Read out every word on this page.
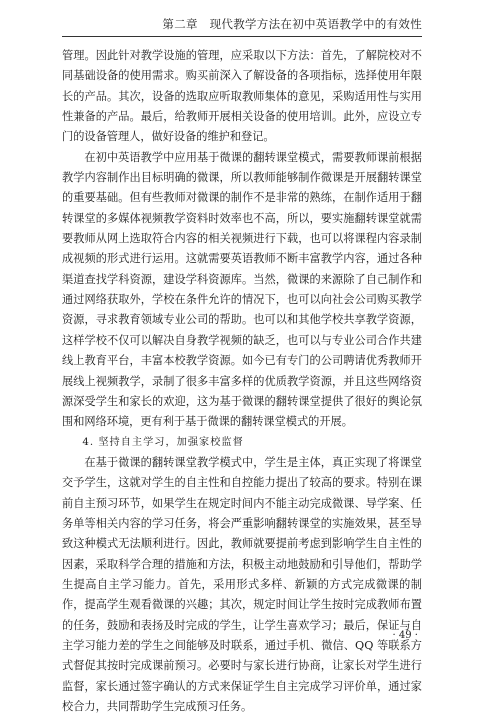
第二章　现代教学方法在初中英语教学中的有效性

管理。因此针对教学设施的管理，应采取以下方法：首先，了解院校对不同基础设备的使用需求。购买前深入了解设备的各项指标，选择使用年限长的产品。其次，设备的选取应听取教师集体的意见，采购适用性与实用性兼备的产品。最后，给教师开展相关设备的使用培训。此外，应设立专门的设备管理人，做好设备的维护和登记。

在初中英语教学中应用基于微课的翻转课堂模式，需要教师课前根据教学内容制作出目标明确的微课，所以教师能够制作微课是开展翻转课堂的重要基础。但有些教师对微课的制作不是非常的熟练，在制作适用于翻转课堂的多媒体视频教学资料时效率也不高，所以，要实施翻转课堂就需要教师从网上选取符合内容的相关视频进行下载，也可以将课程内容录制成视频的形式进行运用。这就需要英语教师不断丰富教学内容，通过各种渠道查找学科资源，建设学科资源库。当然，微课的来源除了自己制作和通过网络获取外，学校在条件允许的情况下，也可以向社会公司购买教学资源，寻求教育领域专业公司的帮助。也可以和其他学校共享教学资源，这样学校不仅可以解决自身教学视频的缺乏，也可以与专业公司合作共建线上教育平台，丰富本校教学资源。如今已有专门的公司聘请优秀教师开展线上视频教学，录制了很多丰富多样的优质教学资源，并且这些网络资源深受学生和家长的欢迎，这为基于微课的翻转课堂提供了很好的舆论氛围和网络环境，更有利于基于微课的翻转课堂模式的开展。

4. 坚持自主学习，加强家校监督

在基于微课的翻转课堂教学模式中，学生是主体，真正实现了将课堂交予学生，这就对学生的自主性和自控能力提出了较高的要求。特别在课前自主预习环节，如果学生在规定时间内不能主动完成微课、导学案、任务单等相关内容的学习任务，将会严重影响翻转课堂的实施效果，甚至导致这种模式无法顺利进行。因此，教师就要提前考虑到影响学生自主性的因素，采取科学合理的措施和方法，积极主动地鼓励和引导他们，帮助学生提高自主学习能力。首先，采用形式多样、新颖的方式完成微课的制作，提高学生观看微课的兴趣；其次，规定时间让学生按时完成教师布置的任务，鼓励和表扬及时完成的学生，让学生喜欢学习；最后，保证与自主学习能力差的学生之间能够及时联系，通过手机、微信、QQ 等联系方式督促其按时完成课前预习。必要时与家长进行协商，让家长对学生进行监督，家长通过签字确认的方式来保证学生自主完成学习评价单，通过家校合力，共同帮助学生完成预习任务。

· 49 ·
